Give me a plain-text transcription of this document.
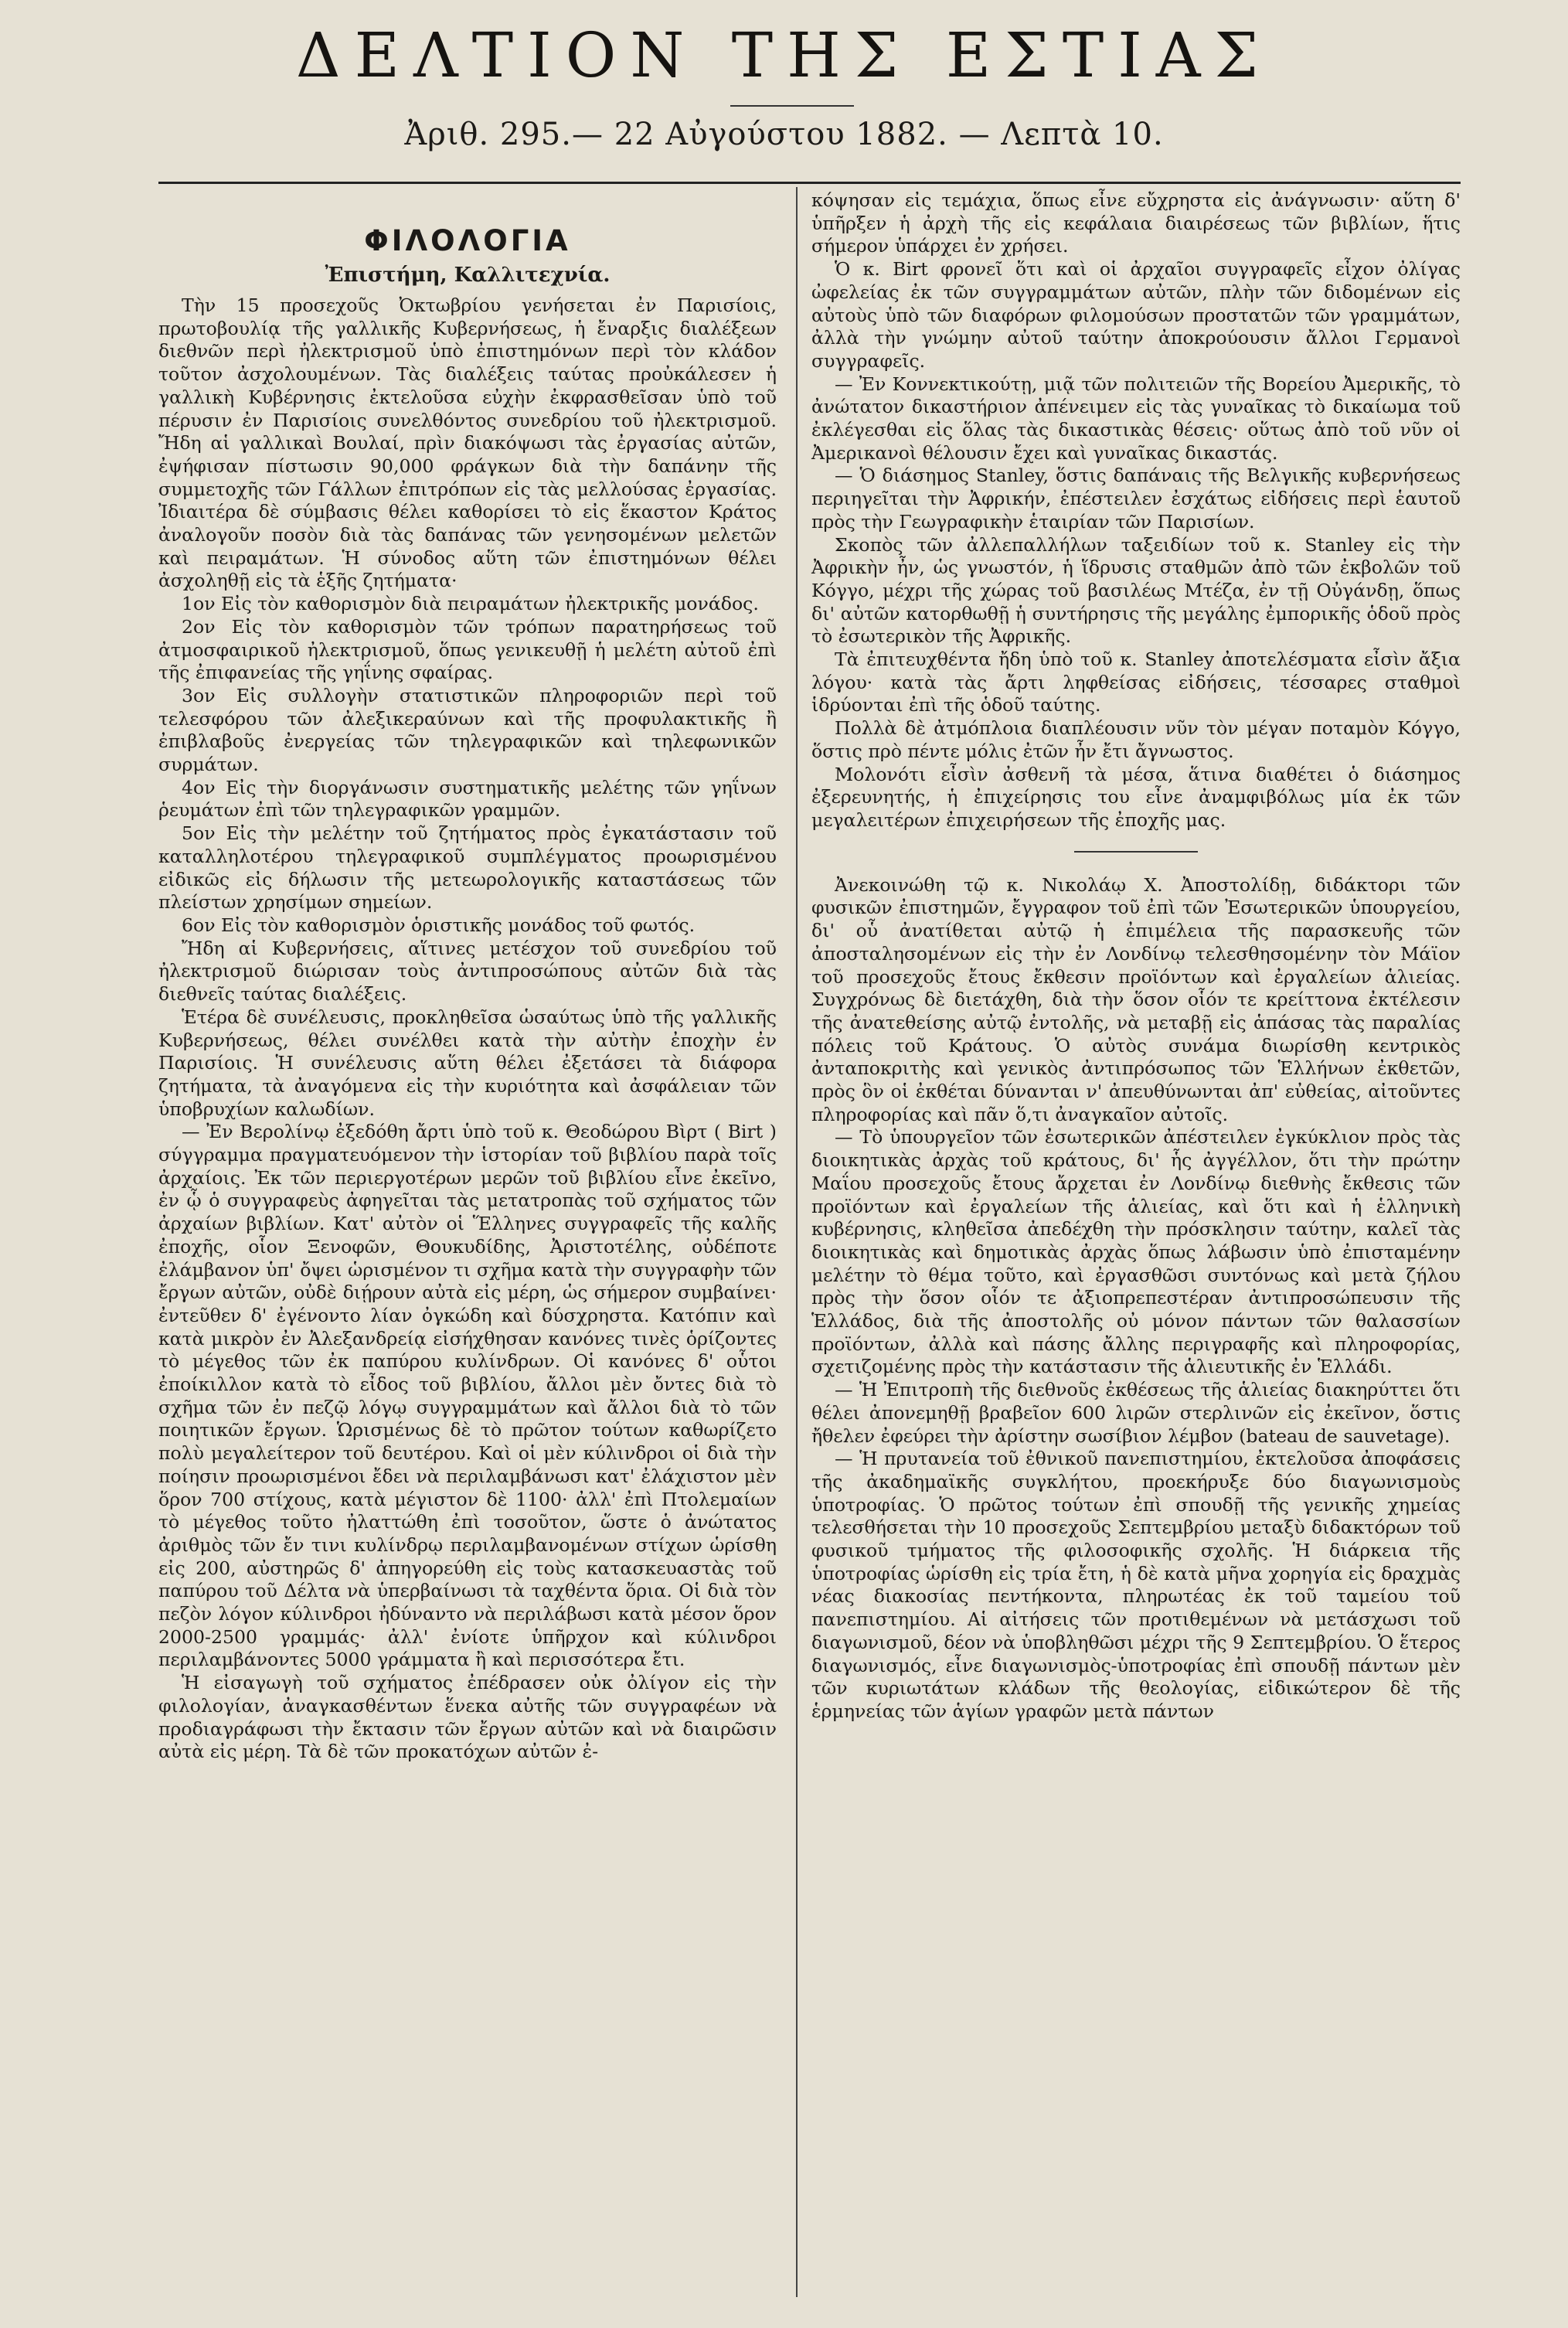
ΔΕΛΤΙΟΝ ΤΗΣ ΕΣΤΙΑΣ
Ἀριθ. 295.— 22 Αὐγούστου 1882. — Λεπτὰ 10.
ΦΙΛΟΛΟΓΙΑ
Ἐπιστήμη, Καλλιτεχνία.

Τὴν 15 προσεχοῦς Ὀκτωβρίου γενήσεται ἐν Παρισίοις, πρωτοβουλίᾳ τῆς γαλλικῆς Κυβερνήσεως, ἡ ἔναρξις διαλέξεων διεθνῶν περὶ ἠλεκτρισμοῦ ὑπὸ ἐπιστημόνων περὶ τὸν κλάδον τοῦτον ἀσχολουμένων. Τὰς διαλέξεις ταύτας προὐκάλεσεν ἡ γαλλικὴ Κυβέρνησις ἐκτελοῦσα εὐχὴν ἐκφρασθεῖσαν ὑπὸ τοῦ πέρυσιν ἐν Παρισίοις συνελθόντος συνεδρίου τοῦ ἠλεκτρισμοῦ. Ἤδη αἱ γαλλικαὶ Βουλαί, πρὶν διακόψωσι τὰς ἐργασίας αὐτῶν, ἐψήφισαν πίστωσιν 90,000 φράγκων διὰ τὴν δαπάνην τῆς συμμετοχῆς τῶν Γάλλων ἐπιτρόπων εἰς τὰς μελλούσας ἐργασίας. Ἰδιαιτέρα δὲ σύμβασις θέλει καθορίσει τὸ εἰς ἕκαστον Κράτος ἀναλογοῦν ποσὸν διὰ τὰς δαπάνας τῶν γενησομένων μελετῶν καὶ πειραμάτων. Ἡ σύνοδος αὕτη τῶν ἐπιστημόνων θέλει ἀσχοληθῇ εἰς τὰ ἑξῆς ζητήματα·

1ον Εἰς τὸν καθορισμὸν διὰ πειραμάτων ἠλεκτρικῆς μονάδος.

2ον Εἰς τὸν καθορισμὸν τῶν τρόπων παρατηρήσεως τοῦ ἀτμοσφαιρικοῦ ἠλεκτρισμοῦ, ὅπως γενικευθῇ ἡ μελέτη αὐτοῦ ἐπὶ τῆς ἐπιφανείας τῆς γηΐνης σφαίρας.

3ον Εἰς συλλογὴν στατιστικῶν πληροφοριῶν περὶ τοῦ τελεσφόρου τῶν ἀλεξικεραύνων καὶ τῆς προφυλακτικῆς ἢ ἐπιβλαβοῦς ἐνεργείας τῶν τηλεγραφικῶν καὶ τηλεφωνικῶν συρμάτων.

4ον Εἰς τὴν διοργάνωσιν συστηματικῆς μελέτης τῶν γηΐνων ῥευμάτων ἐπὶ τῶν τηλεγραφικῶν γραμμῶν.

5ον Εἰς τὴν μελέτην τοῦ ζητήματος πρὸς ἐγκατάστασιν τοῦ καταλληλοτέρου τηλεγραφικοῦ συμπλέγματος προωρισμένου εἰδικῶς εἰς δήλωσιν τῆς μετεωρολογικῆς καταστάσεως τῶν πλείστων χρησίμων σημείων.

6ον Εἰς τὸν καθορισμὸν ὁριστικῆς μονάδος τοῦ φωτός.

Ἤδη αἱ Κυβερνήσεις, αἵτινες μετέσχον τοῦ συνεδρίου τοῦ ἠλεκτρισμοῦ διώρισαν τοὺς ἀντιπροσώπους αὐτῶν διὰ τὰς διεθνεῖς ταύτας διαλέξεις.

Ἑτέρα δὲ συνέλευσις, προκληθεῖσα ὡσαύτως ὑπὸ τῆς γαλλικῆς Κυβερνήσεως, θέλει συνέλθει κατὰ τὴν αὐτὴν ἐποχὴν ἐν Παρισίοις. Ἡ συνέλευσις αὕτη θέλει ἐξετάσει τὰ διάφορα ζητήματα, τὰ ἀναγόμενα εἰς τὴν κυριότητα καὶ ἀσφάλειαν τῶν ὑποβρυχίων καλωδίων.

— Ἐν Βερολίνῳ ἐξεδόθη ἄρτι ὑπὸ τοῦ κ. Θεοδώρου Βὶρτ ( Birt ) σύγγραμμα πραγματευόμενον τὴν ἱστορίαν τοῦ βιβλίου παρὰ τοῖς ἀρχαίοις. Ἐκ τῶν περιεργοτέρων μερῶν τοῦ βιβλίου εἶνε ἐκεῖνο, ἐν ᾧ ὁ συγγραφεὺς ἀφηγεῖται τὰς μετατροπὰς τοῦ σχήματος τῶν ἀρχαίων βιβλίων. Κατ' αὐτὸν οἱ Ἕλληνες συγγραφεῖς τῆς καλῆς ἐποχῆς, οἷον Ξενοφῶν, Θουκυδίδης, Ἀριστοτέλης, οὐδέποτε ἐλάμβανον ὑπ' ὄψει ὡρισμένον τι σχῆμα κατὰ τὴν συγγραφὴν τῶν ἔργων αὐτῶν, οὐδὲ διῄρουν αὐτὰ εἰς μέρη, ὡς σήμερον συμβαίνει· ἐντεῦθεν δ' ἐγένοντο λίαν ὀγκώδη καὶ δύσχρηστα. Κατόπιν καὶ κατὰ μικρὸν ἐν Ἀλεξανδρείᾳ εἰσήχθησαν κανόνες τινὲς ὁρίζοντες τὸ μέγεθος τῶν ἐκ παπύρου κυλίνδρων. Οἱ κανόνες δ' οὗτοι ἐποίκιλλον κατὰ τὸ εἶδος τοῦ βιβλίου, ἄλλοι μὲν ὄντες διὰ τὸ σχῆμα τῶν ἐν πεζῷ λόγῳ συγγραμμάτων καὶ ἄλλοι διὰ τὸ τῶν ποιητικῶν ἔργων. Ὡρισμένως δὲ τὸ πρῶτον τούτων καθωρίζετο πολὺ μεγαλείτερον τοῦ δευτέρου. Καὶ οἱ μὲν κύλινδροι οἱ διὰ τὴν ποίησιν προωρισμένοι ἔδει νὰ περιλαμβάνωσι κατ' ἐλάχιστον μὲν ὅρον 700 στίχους, κατὰ μέγιστον δὲ 1100· ἀλλ' ἐπὶ Πτολεμαίων τὸ μέγεθος τοῦτο ἠλαττώθη ἐπὶ τοσοῦτον, ὥστε ὁ ἀνώτατος ἀριθμὸς τῶν ἔν τινι κυλίνδρῳ περιλαμβανομένων στίχων ὡρίσθη εἰς 200, αὐστηρῶς δ' ἀπηγορεύθη εἰς τοὺς κατασκευαστὰς τοῦ παπύρου τοῦ Δέλτα νὰ ὑπερβαίνωσι τὰ ταχθέντα ὅρια. Οἱ διὰ τὸν πεζὸν λόγον κύλινδροι ἠδύναντο νὰ περιλάβωσι κατὰ μέσον ὅρον 2000-2500 γραμμάς· ἀλλ' ἐνίοτε ὑπῆρχον καὶ κύλινδροι περιλαμβάνοντες 5000 γράμματα ἢ καὶ περισσότερα ἔτι.

Ἡ εἰσαγωγὴ τοῦ σχήματος ἐπέδρασεν οὐκ ὀλίγον εἰς τὴν φιλολογίαν, ἀναγκασθέντων ἕνεκα αὐτῆς τῶν συγγραφέων νὰ προδιαγράφωσι τὴν ἔκτασιν τῶν ἔργων αὐτῶν καὶ νὰ διαιρῶσιν αὐτὰ εἰς μέρη. Τὰ δὲ τῶν προκατόχων αὐτῶν ἐ-

κόψησαν εἰς τεμάχια, ὅπως εἶνε εὔχρηστα εἰς ἀνάγνωσιν· αὕτη δ' ὑπῆρξεν ἡ ἀρχὴ τῆς εἰς κεφάλαια διαιρέσεως τῶν βιβλίων, ἥτις σήμερον ὑπάρχει ἐν χρήσει.

Ὁ κ. Birt φρονεῖ ὅτι καὶ οἱ ἀρχαῖοι συγγραφεῖς εἶχον ὀλίγας ὠφελείας ἐκ τῶν συγγραμμάτων αὐτῶν, πλὴν τῶν διδομένων εἰς αὐτοὺς ὑπὸ τῶν διαφόρων φιλομούσων προστατῶν τῶν γραμμάτων, ἀλλὰ τὴν γνώμην αὐτοῦ ταύτην ἀποκρούουσιν ἄλλοι Γερμανοὶ συγγραφεῖς.

— Ἐν Κοννεκτικούτῃ, μιᾷ τῶν πολιτειῶν τῆς Βορείου Ἀμερικῆς, τὸ ἀνώτατον δικαστήριον ἀπένειμεν εἰς τὰς γυναῖκας τὸ δικαίωμα τοῦ ἐκλέγεσθαι εἰς ὅλας τὰς δικαστικὰς θέσεις· οὕτως ἀπὸ τοῦ νῦν οἱ Ἀμερικανοὶ θέλουσιν ἔχει καὶ γυναῖκας δικαστάς.

— Ὁ διάσημος Stanley, ὅστις δαπάναις τῆς Βελγικῆς κυβερνήσεως περιηγεῖται τὴν Ἀφρικήν, ἐπέστειλεν ἐσχάτως εἰδήσεις περὶ ἑαυτοῦ πρὸς τὴν Γεωγραφικὴν ἑταιρίαν τῶν Παρισίων.

Σκοπὸς τῶν ἀλλεπαλλήλων ταξειδίων τοῦ κ. Stanley εἰς τὴν Ἀφρικὴν ἦν, ὡς γνωστόν, ἡ ἵδρυσις σταθμῶν ἀπὸ τῶν ἐκβολῶν τοῦ Κόγγο, μέχρι τῆς χώρας τοῦ βασιλέως Μτέζα, ἐν τῇ Οὐγάνδῃ, ὅπως δι' αὐτῶν κατορθωθῇ ἡ συντήρησις τῆς μεγάλης ἐμπορικῆς ὁδοῦ πρὸς τὸ ἐσωτερικὸν τῆς Ἀφρικῆς.

Τὰ ἐπιτευχθέντα ἤδη ὑπὸ τοῦ κ. Stanley ἀποτελέσματα εἶσὶν ἄξια λόγου· κατὰ τὰς ἄρτι ληφθείσας εἰδήσεις, τέσσαρες σταθμοὶ ἱδρύονται ἐπὶ τῆς ὁδοῦ ταύτης.

Πολλὰ δὲ ἀτμόπλοια διαπλέουσιν νῦν τὸν μέγαν ποταμὸν Κόγγο, ὅστις πρὸ πέντε μόλις ἐτῶν ἦν ἔτι ἄγνωστος.

Μολονότι εἶσὶν ἀσθενῆ τὰ μέσα, ἅτινα διαθέτει ὁ διάσημος ἐξερευνητής, ἡ ἐπιχείρησις του εἶνε ἀναμφιβόλως μία ἐκ τῶν μεγαλειτέρων ἐπιχειρήσεων τῆς ἐποχῆς μας.

Ἀνεκοινώθη τῷ κ. Νικολάῳ Χ. Ἀποστολίδῃ, διδάκτορι τῶν φυσικῶν ἐπιστημῶν, ἔγγραφον τοῦ ἐπὶ τῶν Ἐσωτερικῶν ὑπουργείου, δι' οὗ ἀνατίθεται αὐτῷ ἡ ἐπιμέλεια τῆς παρασκευῆς τῶν ἀποσταλησομένων εἰς τὴν ἐν Λονδίνῳ τελεσθησομένην τὸν Μάϊον τοῦ προσεχοῦς ἔτους ἔκθεσιν προϊόντων καὶ ἐργαλείων ἁλιείας. Συγχρόνως δὲ διετάχθη, διὰ τὴν ὅσον οἷόν τε κρείττονα ἐκτέλεσιν τῆς ἀνατεθείσης αὐτῷ ἐντολῆς, νὰ μεταβῇ εἰς ἁπάσας τὰς παραλίας πόλεις τοῦ Κράτους. Ὁ αὐτὸς συνάμα διωρίσθη κεντρικὸς ἀνταποκριτὴς καὶ γενικὸς ἀντιπρόσωπος τῶν Ἑλλήνων ἐκθετῶν, πρὸς ὃν οἱ ἐκθέται δύνανται ν' ἀπευθύνωνται ἀπ' εὐθείας, αἰτοῦντες πληροφορίας καὶ πᾶν ὅ,τι ἀναγκαῖον αὐτοῖς.

— Τὸ ὑπουργεῖον τῶν ἐσωτερικῶν ἀπέστειλεν ἐγκύκλιον πρὸς τὰς διοικητικὰς ἀρχὰς τοῦ κράτους, δι' ἧς ἀγγέλλον, ὅτι τὴν πρώτην Μαΐου προσεχοῦς ἔτους ἄρχεται ἐν Λονδίνῳ διεθνὴς ἔκθεσις τῶν προϊόντων καὶ ἐργαλείων τῆς ἁλιείας, καὶ ὅτι καὶ ἡ ἑλληνικὴ κυβέρνησις, κληθεῖσα ἀπεδέχθη τὴν πρόσκλησιν ταύτην, καλεῖ τὰς διοικητικὰς καὶ δημοτικὰς ἀρχὰς ὅπως λάβωσιν ὑπὸ ἐπισταμένην μελέτην τὸ θέμα τοῦτο, καὶ ἐργασθῶσι συντόνως καὶ μετὰ ζήλου πρὸς τὴν ὅσον οἷόν τε ἀξιοπρεπεστέραν ἀντιπροσώπευσιν τῆς Ἑλλάδος, διὰ τῆς ἀποστολῆς οὐ μόνον πάντων τῶν θαλασσίων προϊόντων, ἀλλὰ καὶ πάσης ἄλλης περιγραφῆς καὶ πληροφορίας, σχετιζομένης πρὸς τὴν κατάστασιν τῆς ἁλιευτικῆς ἐν Ἑλλάδι.

— Ἡ Ἐπιτροπὴ τῆς διεθνοῦς ἐκθέσεως τῆς ἁλιείας διακηρύττει ὅτι θέλει ἀπονεμηθῇ βραβεῖον 600 λιρῶν στερλινῶν εἰς ἐκεῖνον, ὅστις ἤθελεν ἐφεύρει τὴν ἀρίστην σωσίβιον λέμβον (bateau de sauvetage).

— Ἡ πρυτανεία τοῦ ἐθνικοῦ πανεπιστημίου, ἐκτελοῦσα ἀποφάσεις τῆς ἀκαδημαϊκῆς συγκλήτου, προεκήρυξε δύο διαγωνισμοὺς ὑποτροφίας. Ὁ πρῶτος τούτων ἐπὶ σπουδῇ τῆς γενικῆς χημείας τελεσθήσεται τὴν 10 προσεχοῦς Σεπτεμβρίου μεταξὺ διδακτόρων τοῦ φυσικοῦ τμήματος τῆς φιλοσοφικῆς σχολῆς. Ἡ διάρκεια τῆς ὑποτροφίας ὡρίσθη εἰς τρία ἔτη, ἡ δὲ κατὰ μῆνα χορηγία εἰς δραχμὰς νέας διακοσίας πεντήκοντα, πληρωτέας ἐκ τοῦ ταμείου τοῦ πανεπιστημίου. Αἱ αἰτήσεις τῶν προτιθεμένων νὰ μετάσχωσι τοῦ διαγωνισμοῦ, δέον νὰ ὑποβληθῶσι μέχρι τῆς 9 Σεπτεμβρίου. Ὁ ἕτερος διαγωνισμός, εἶνε διαγωνισμὸς-ὑποτροφίας ἐπὶ σπουδῇ πάντων μὲν τῶν κυριωτάτων κλάδων τῆς θεολογίας, εἰδικώτερον δὲ τῆς ἑρμηνείας τῶν ἁγίων γραφῶν μετὰ πάντων
